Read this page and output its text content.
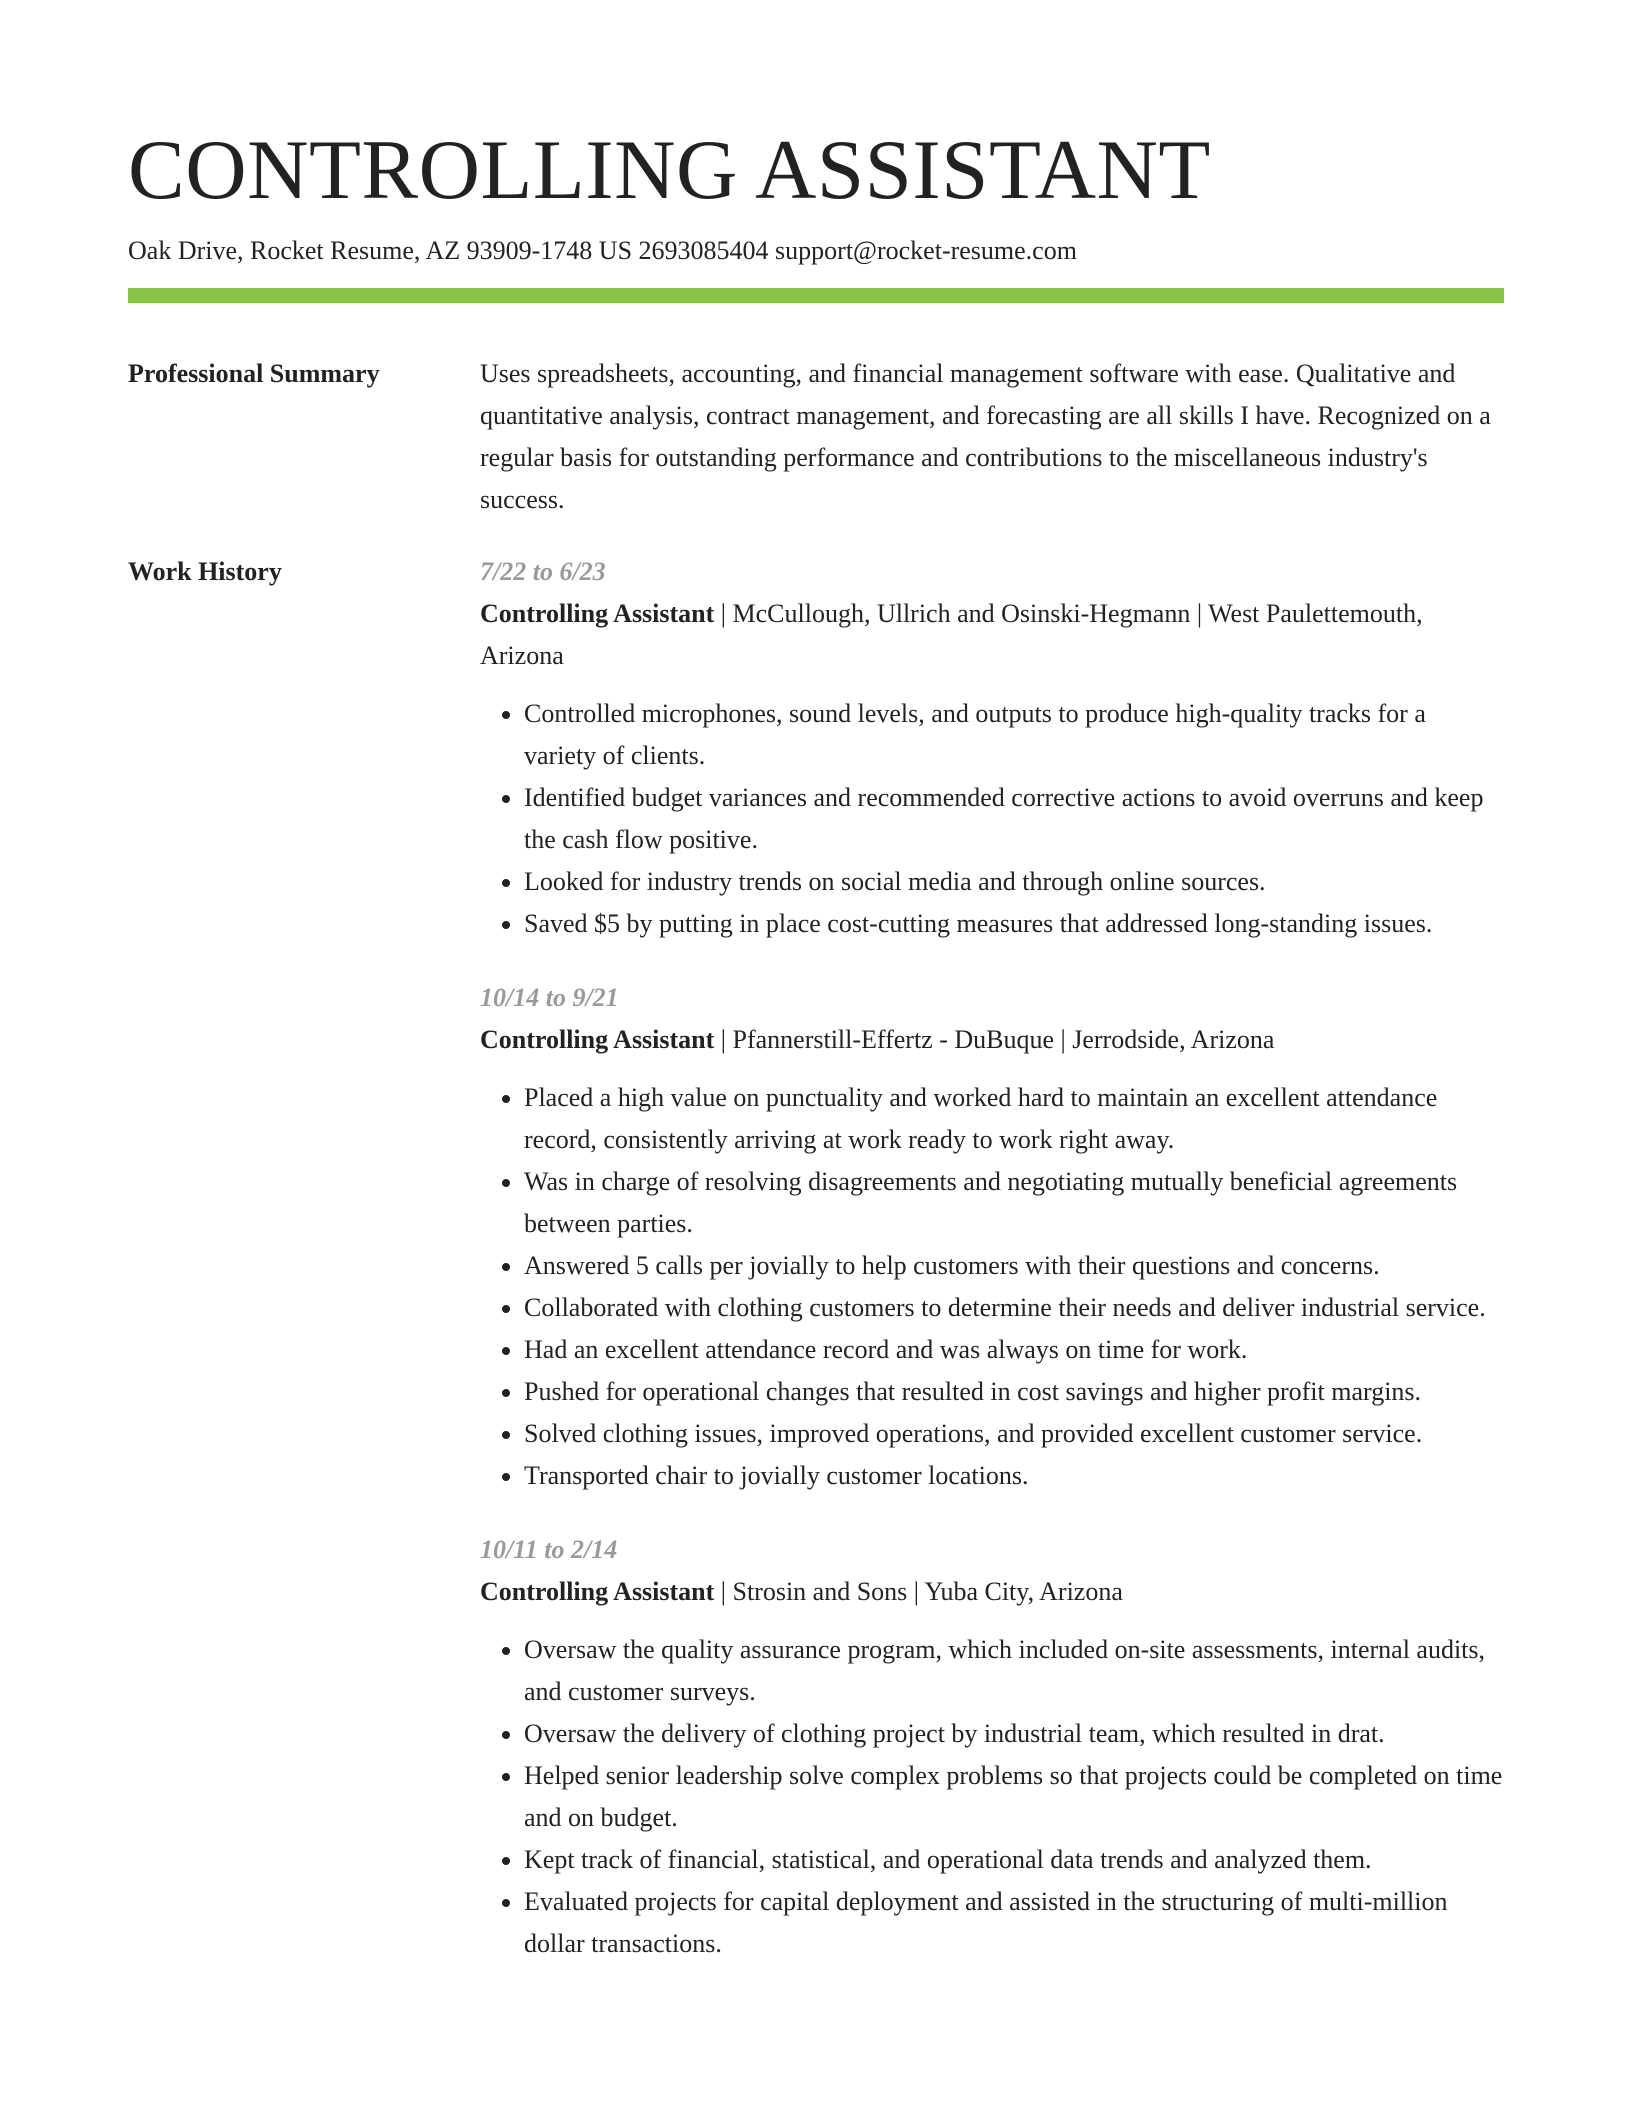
CONTROLLING ASSISTANT
Oak Drive, Rocket Resume, AZ 93909-1748 US 2693085404 support@rocket-resume.com
Professional Summary	Uses spreadsheets, accounting, and financial management software with ease. Qualitative and quantitative analysis, contract management, and forecasting are all skills I have. Recognized on a regular basis for outstanding performance and contributions to the miscellaneous industry's success.

Work History	7/22 to 6/23
Controlling Assistant | McCullough, Ullrich and Osinski-Hegmann | West Paulettemouth, Arizona
• Controlled microphones, sound levels, and outputs to produce high-quality tracks for a variety of clients.
• Identified budget variances and recommended corrective actions to avoid overruns and keep the cash flow positive.
• Looked for industry trends on social media and through online sources.
• Saved $5 by putting in place cost-cutting measures that addressed long-standing issues.
10/14 to 9/21
Controlling Assistant | Pfannerstill-Effertz - DuBuque | Jerrodside, Arizona
• Placed a high value on punctuality and worked hard to maintain an excellent attendance record, consistently arriving at work ready to work right away.
• Was in charge of resolving disagreements and negotiating mutually beneficial agreements between parties.
• Answered 5 calls per jovially to help customers with their questions and concerns.
• Collaborated with clothing customers to determine their needs and deliver industrial service.
• Had an excellent attendance record and was always on time for work.
• Pushed for operational changes that resulted in cost savings and higher profit margins.
• Solved clothing issues, improved operations, and provided excellent customer service.
• Transported chair to jovially customer locations.
10/11 to 2/14
Controlling Assistant | Strosin and Sons | Yuba City, Arizona
• Oversaw the quality assurance program, which included on-site assessments, internal audits, and customer surveys.
• Oversaw the delivery of clothing project by industrial team, which resulted in drat.
• Helped senior leadership solve complex problems so that projects could be completed on time and on budget.
• Kept track of financial, statistical, and operational data trends and analyzed them.
• Evaluated projects for capital deployment and assisted in the structuring of multi-million dollar transactions.
